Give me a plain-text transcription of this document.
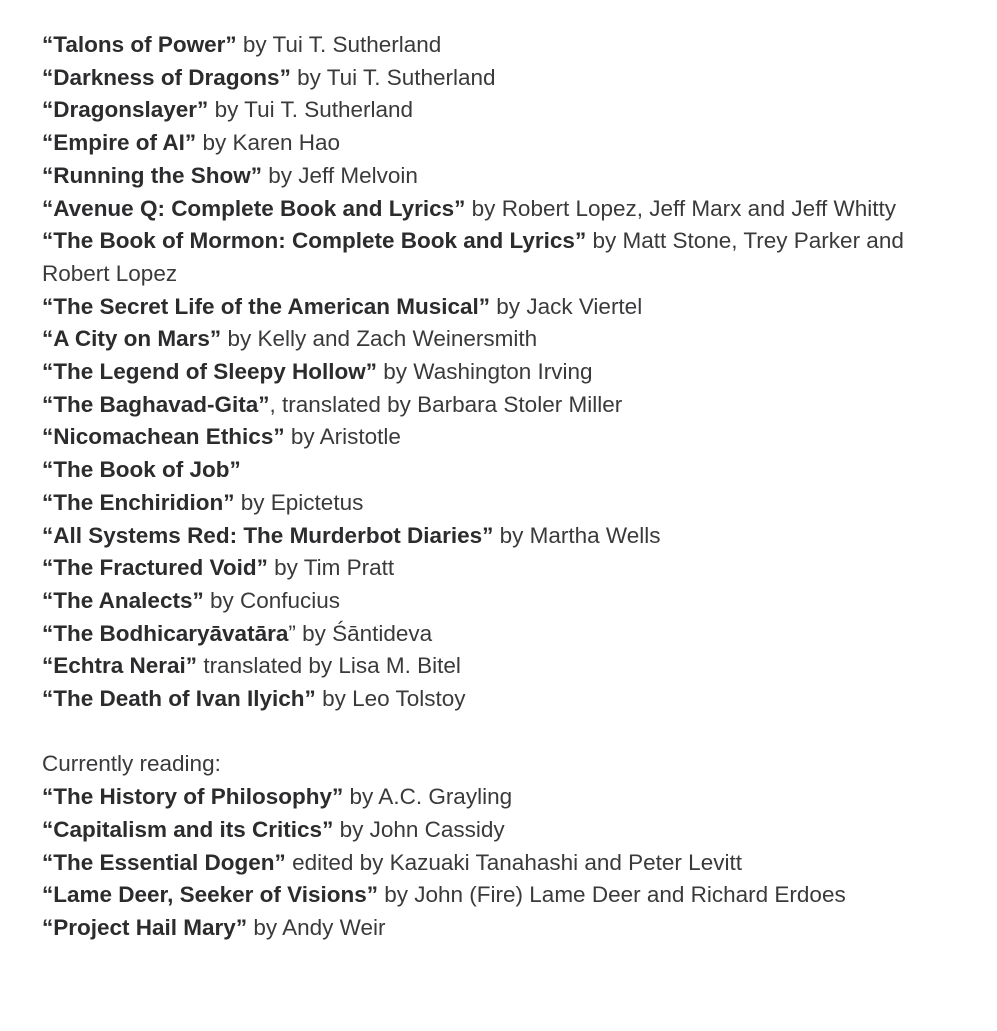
“Talons of Power” by Tui T. Sutherland

“Darkness of Dragons” by Tui T. Sutherland

“Dragonslayer” by Tui T. Sutherland

“Empire of AI” by Karen Hao

“Running the Show” by Jeff Melvoin

“Avenue Q: Complete Book and Lyrics” by Robert Lopez, Jeff Marx and Jeff Whitty

“The Book of Mormon: Complete Book and Lyrics” by Matt Stone, Trey Parker and Robert Lopez

“The Secret Life of the American Musical” by Jack Viertel

“A City on Mars” by Kelly and Zach Weinersmith

“The Legend of Sleepy Hollow” by Washington Irving

“The Baghavad-Gita”, translated by Barbara Stoler Miller

“Nicomachean Ethics” by Aristotle

“The Book of Job”

“The Enchiridion” by Epictetus

“All Systems Red: The Murderbot Diaries” by Martha Wells

“The Fractured Void” by Tim Pratt

“The Analects” by Confucius

“The Bodhicaryāvatāra” by Śāntideva

“Echtra Nerai” translated by Lisa M. Bitel

“The Death of Ivan Ilyich” by Leo Tolstoy

Currently reading:

“The History of Philosophy” by A.C. Grayling

“Capitalism and its Critics” by John Cassidy

“The Essential Dogen” edited by Kazuaki Tanahashi and Peter Levitt

“Lame Deer, Seeker of Visions” by John (Fire) Lame Deer and Richard Erdoes

“Project Hail Mary” by Andy Weir
